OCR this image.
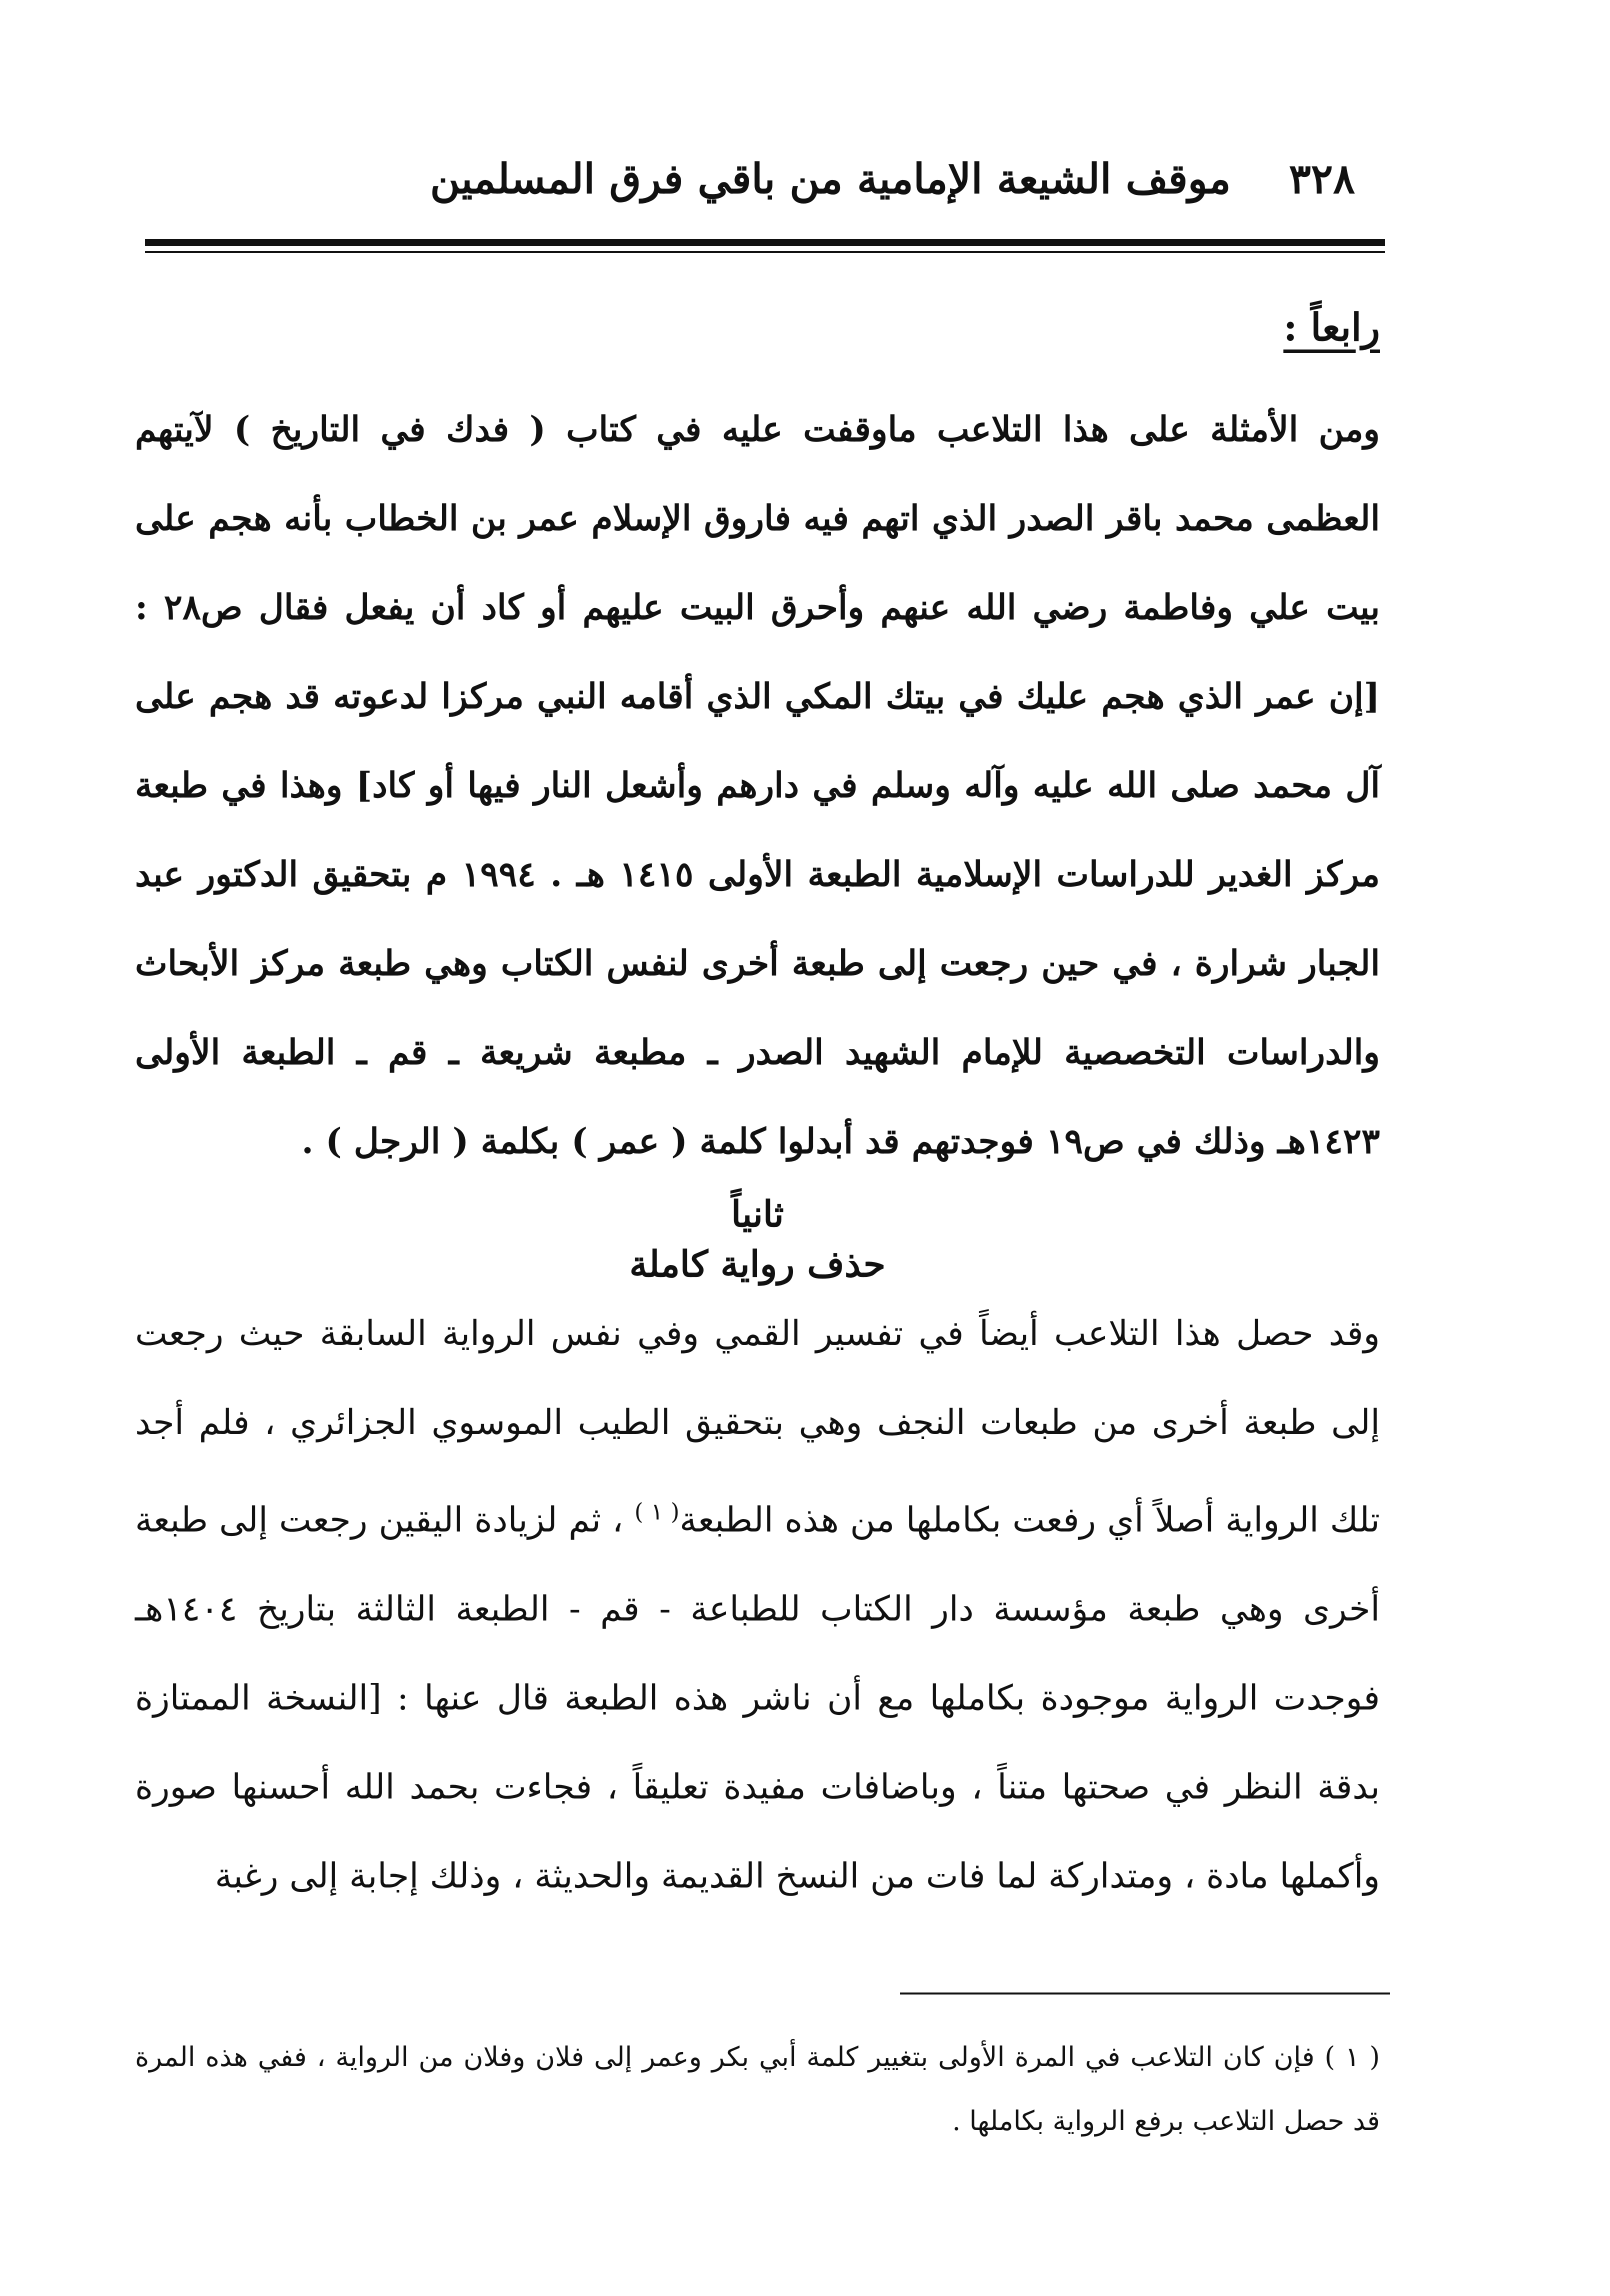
٣٢٨
موقف الشيعة الإمامية من باقي فرق المسلمين
رابعاً :

ومن الأمثلة على هذا التلاعب ماوقفت عليه في كتاب ( فدك في التاريخ ) لآيتهم العظمى محمد باقر الصدر الذي اتهم فيه فاروق الإسلام عمر بن الخطاب بأنه هجم على بيت علي وفاطمة رضي الله عنهم وأحرق البيت عليهم أو كاد أن يفعل فقال ص٢٨ : [إن عمر الذي هجم عليك في بيتك المكي الذي أقامه النبي مركزا لدعوته قد هجم على آل محمد صلى الله عليه وآله وسلم في دارهم وأشعل النار فيها أو كاد] وهذا في طبعة مركز الغدير للدراسات الإسلامية الطبعة الأولى ١٤١٥ هـ . ١٩٩٤ م بتحقيق الدكتور عبد الجبار شرارة ، في حين رجعت إلى طبعة أخرى لنفس الكتاب وهي طبعة مركز الأبحاث والدراسات التخصصية للإمام الشهيد الصدر ـ مطبعة شريعة ـ قم ـ الطبعة الأولى ١٤٢٣هـ وذلك في ص١٩ فوجدتهم قد أبدلوا كلمة ( عمر ) بكلمة ( الرجل ) .

ثانياً

حذف رواية كاملة

وقد حصل هذا التلاعب أيضاً في تفسير القمي وفي نفس الرواية السابقة حيث رجعت إلى طبعة أخرى من طبعات النجف وهي بتحقيق الطيب الموسوي الجزائري ، فلم أجد تلك الرواية أصلاً أي رفعت بكاملها من هذه الطبعة$^{( ١ )}$ ، ثم لزيادة اليقين رجعت إلى طبعة أخرى وهي طبعة مؤسسة دار الكتاب للطباعة - قم - الطبعة الثالثة بتاريخ ١٤٠٤هـ فوجدت الرواية موجودة بكاملها مع أن ناشر هذه الطبعة قال عنها : [النسخة الممتازة بدقة النظر في صحتها متناً ، وباضافات مفيدة تعليقاً ، فجاءت بحمد الله أحسنها صورة وأكملها مادة ، ومتداركة لما فات من النسخ القديمة والحديثة ، وذلك إجابة إلى رغبة

( ١ ) فإن كان التلاعب في المرة الأولى بتغيير كلمة أبي بكر وعمر إلى فلان وفلان من الرواية ، ففي هذه المرة قد حصل التلاعب برفع الرواية بكاملها .
